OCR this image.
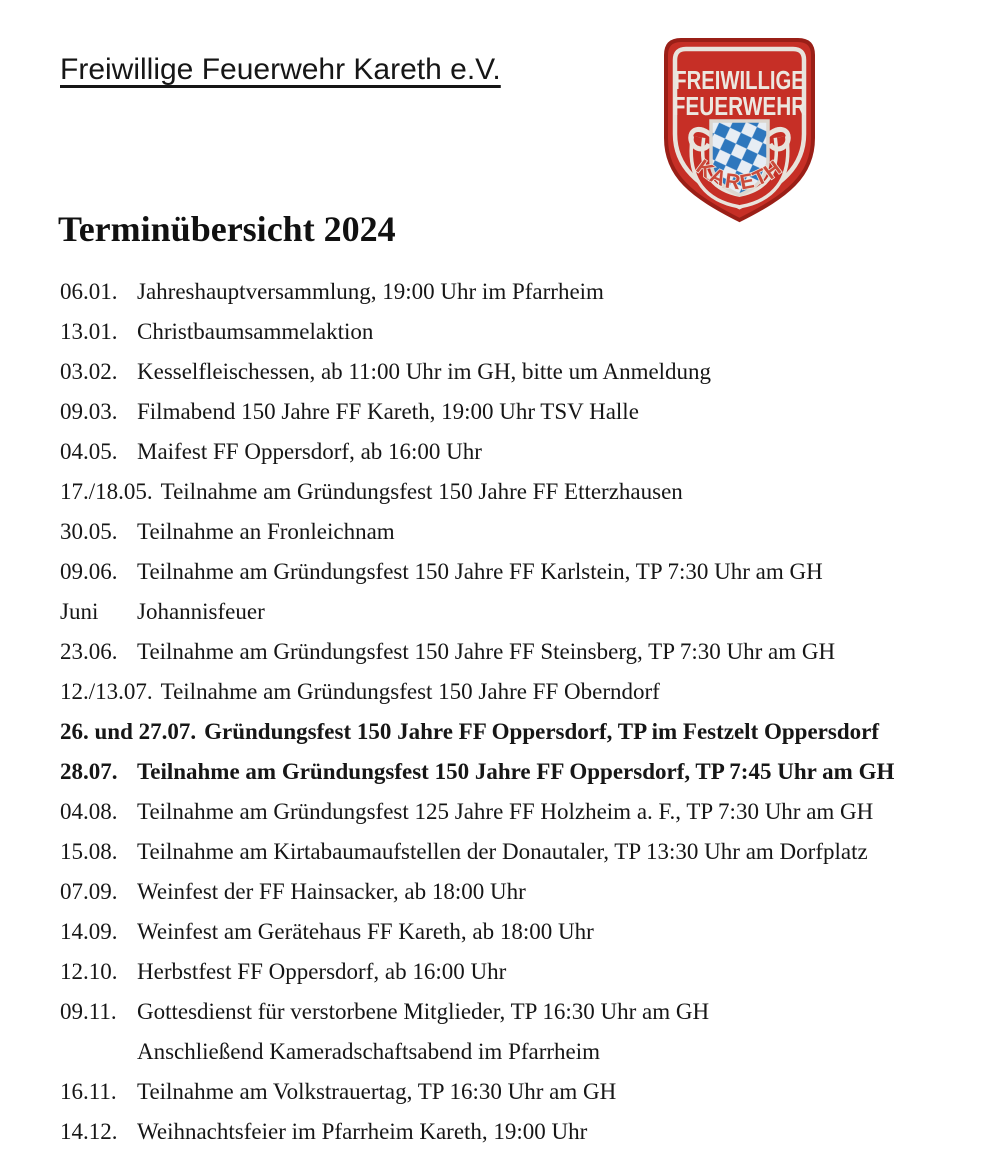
Freiwillige Feuerwehr Kareth e.V.	FREIWILLIGE
FEUERWEHR
KARETH
Terminübersicht 2024
06.01. Jahreshauptversammlung, 19:00 Uhr im Pfarrheim
13.01. Christbaumsammelaktion
03.02. Kesselfleischessen, ab 11:00 Uhr im GH, bitte um Anmeldung
09.03. Filmabend 150 Jahre FF Kareth, 19:00 Uhr TSV Halle
04.05. Maifest FF Oppersdorf, ab 16:00 Uhr
17./18.05. Teilnahme am Gründungsfest 150 Jahre FF Etterzhausen
30.05. Teilnahme an Fronleichnam
09.06. Teilnahme am Gründungsfest 150 Jahre FF Karlstein, TP 7:30 Uhr am GH
Juni Johannisfeuer
23.06. Teilnahme am Gründungsfest 150 Jahre FF Steinsberg, TP 7:30 Uhr am GH
12./13.07. Teilnahme am Gründungsfest 150 Jahre FF Oberndorf
26. und 27.07. Gründungsfest 150 Jahre FF Oppersdorf, TP im Festzelt Oppersdorf
28.07. Teilnahme am Gründungsfest 150 Jahre FF Oppersdorf, TP 7:45 Uhr am GH
04.08. Teilnahme am Gründungsfest 125 Jahre FF Holzheim a. F., TP 7:30 Uhr am GH
15.08. Teilnahme am Kirtabaumaufstellen der Donautaler, TP 13:30 Uhr am Dorfplatz
07.09. Weinfest der FF Hainsacker, ab 18:00 Uhr
14.09. Weinfest am Gerätehaus FF Kareth, ab 18:00 Uhr
12.10. Herbstfest FF Oppersdorf, ab 16:00 Uhr
09.11. Gottesdienst für verstorbene Mitglieder, TP 16:30 Uhr am GH
Anschließend Kameradschaftsabend im Pfarrheim
16.11. Teilnahme am Volkstrauertag, TP 16:30 Uhr am GH
14.12. Weihnachtsfeier im Pfarrheim Kareth, 19:00 Uhr
